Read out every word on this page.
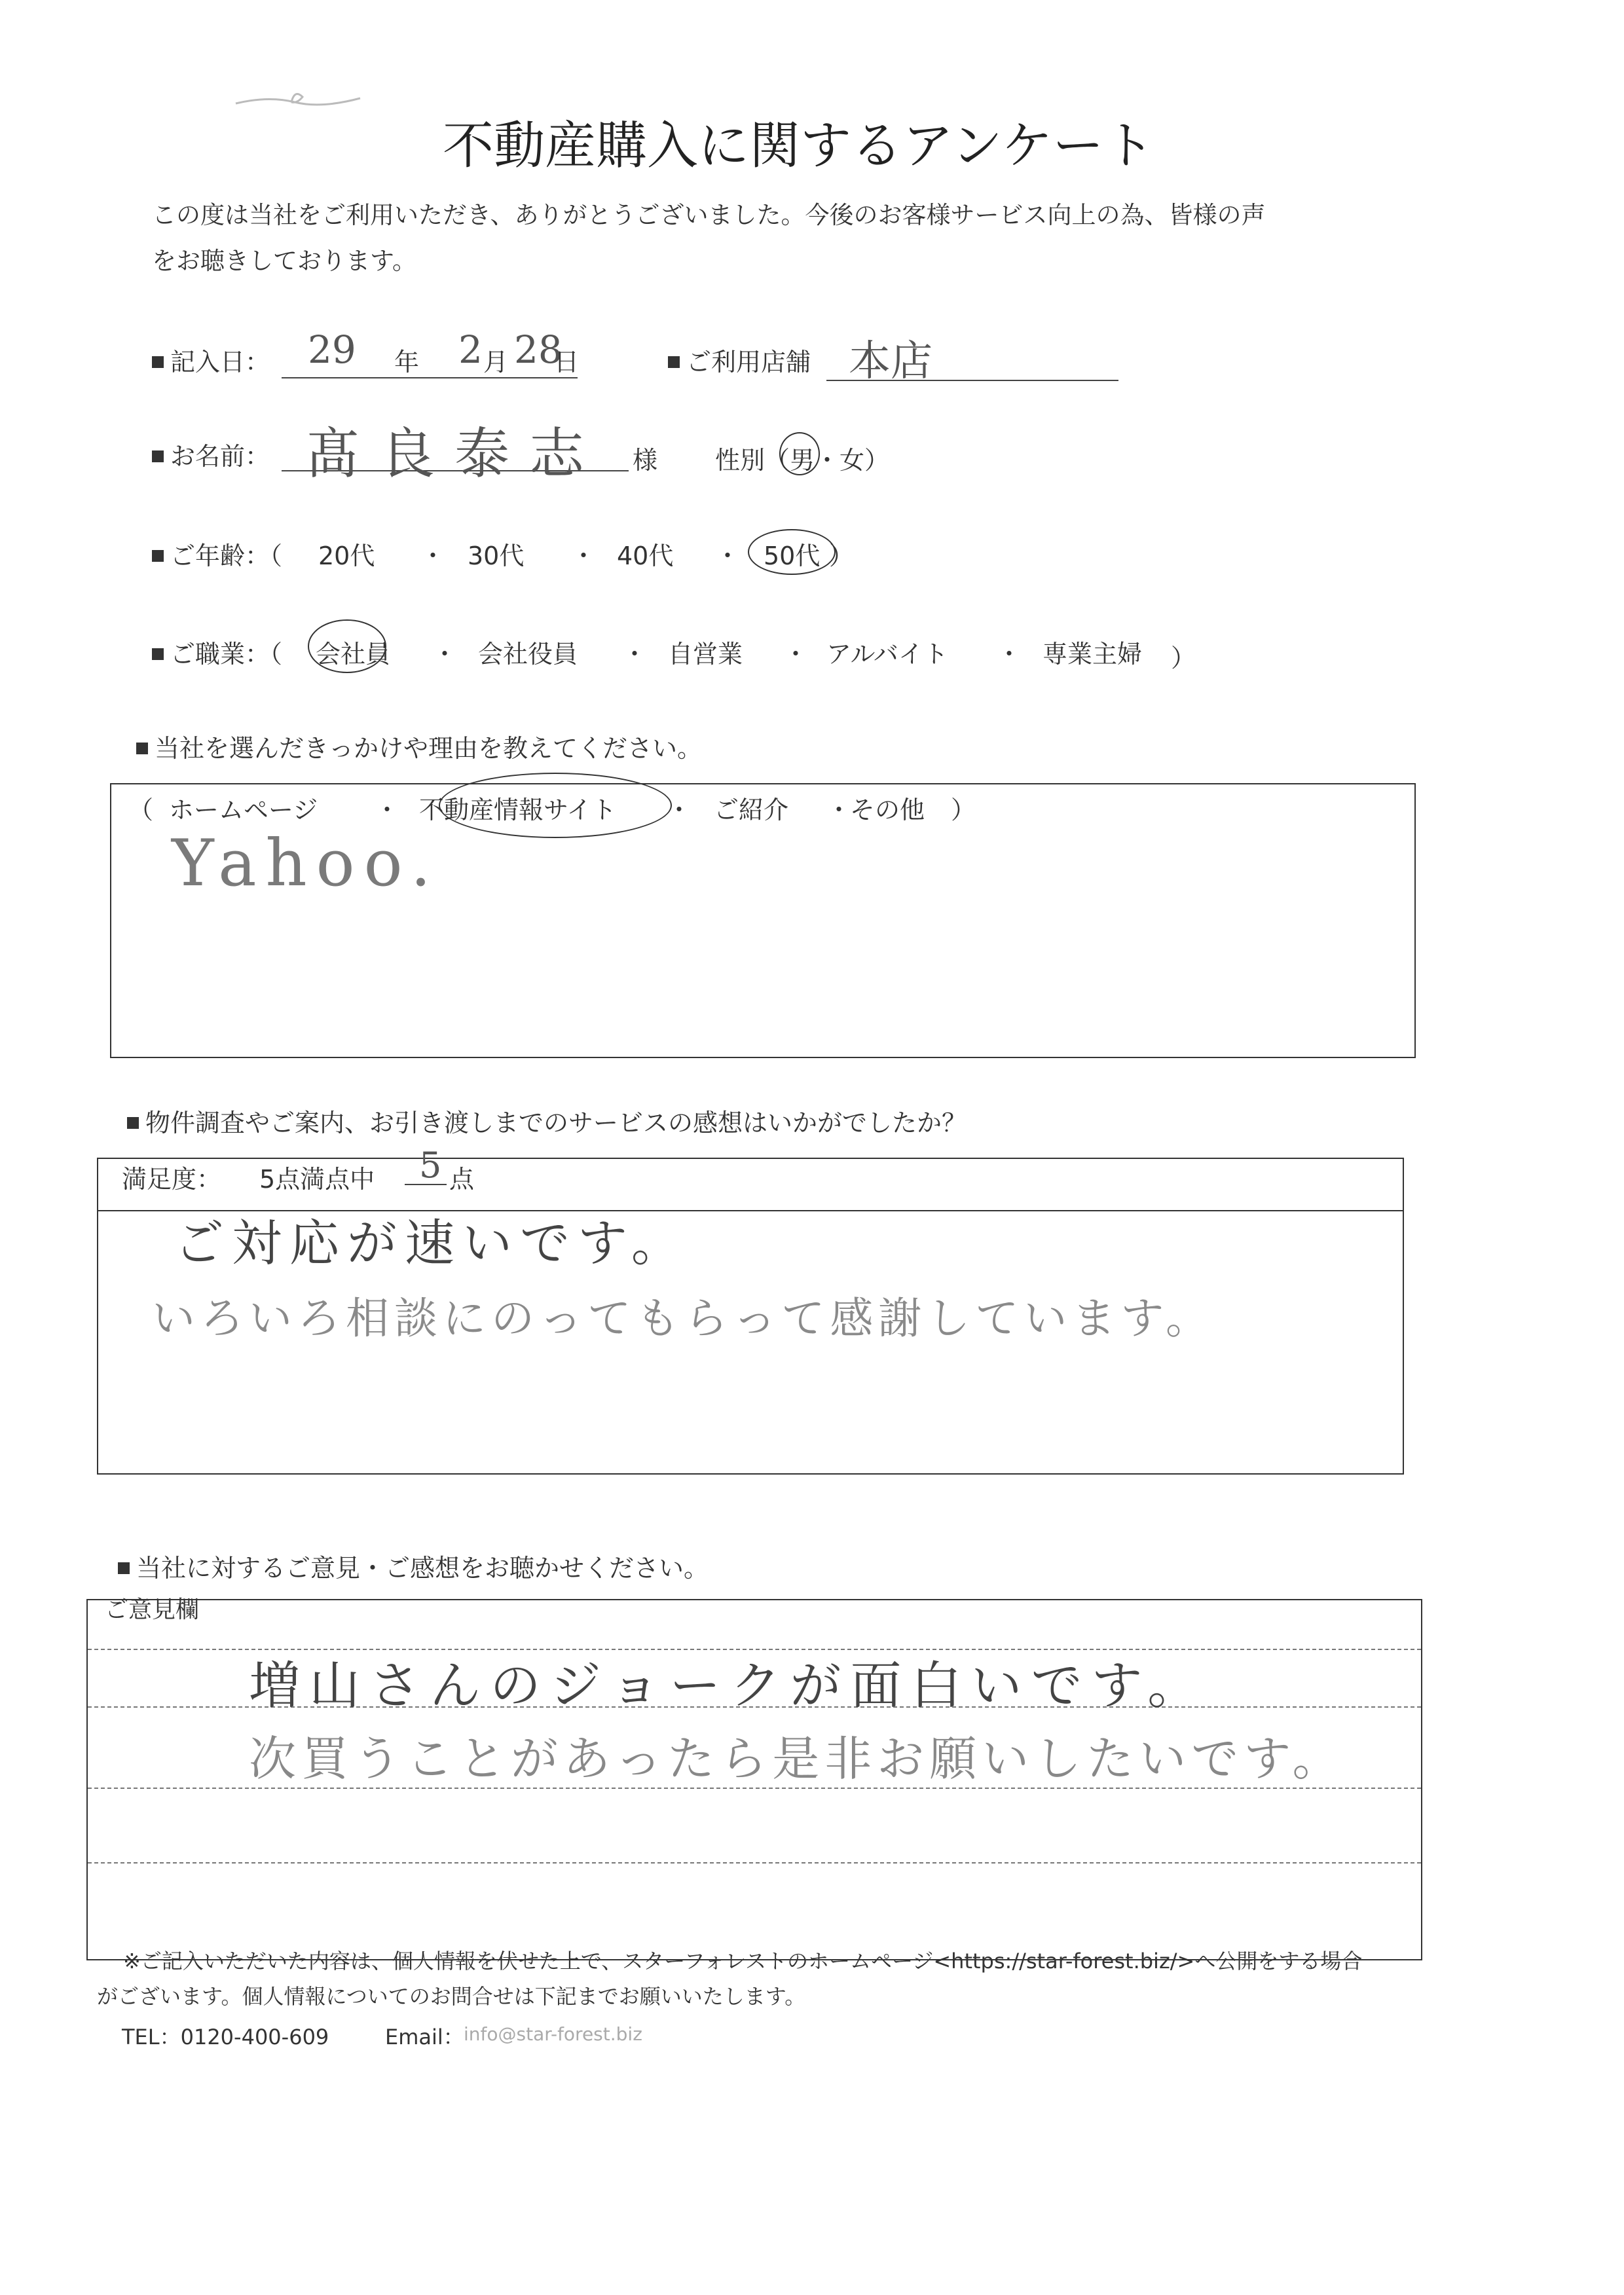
不動産購入に関するアンケート
この度は当社をご利用いただき、ありがとうございました。今後のお客様サービス向上の為、皆様の声
をお聴きしております。
記入日： 29 年 2 月 28
日	ご利用店舗 本店
お名前： 髙良泰志 様 性別（男・女）
ご年齢：（ 20代 ・ 30代 ・ 40代 ・ 50代 ）
ご職業：（ 会社員 ・ 会社役員 ・ 自営業 ・ アルバイト ・ 専業主婦 ）
当社を選んだきっかけや理由を教えてください。
（ ホームページ ・ 不動産情報サイト ・ ご紹介 ・
その他 ）
Yahoo.
物件調査やご案内、お引き渡しまでのサービスの感想はいかがでしたか？
満足度： 5点満点中 5 点
ご対応が速いです。
いろいろ相談にのってもらって感謝しています。
当社に対するご意見・ご感想をお聴かせください。
ご意見欄
増山さんのジョークが面白いです。
次買うことがあったら是非お願いしたいです。
※ご記入いただいた内容は、個人情報を伏せた上で、スターフォレストのホームページ<https://star-forest.biz/>へ公開をする場合
がございます。個人情報についてのお問合せは下記までお願いいたします。
TEL：0120-400-609	Email： info@star-forest.biz
